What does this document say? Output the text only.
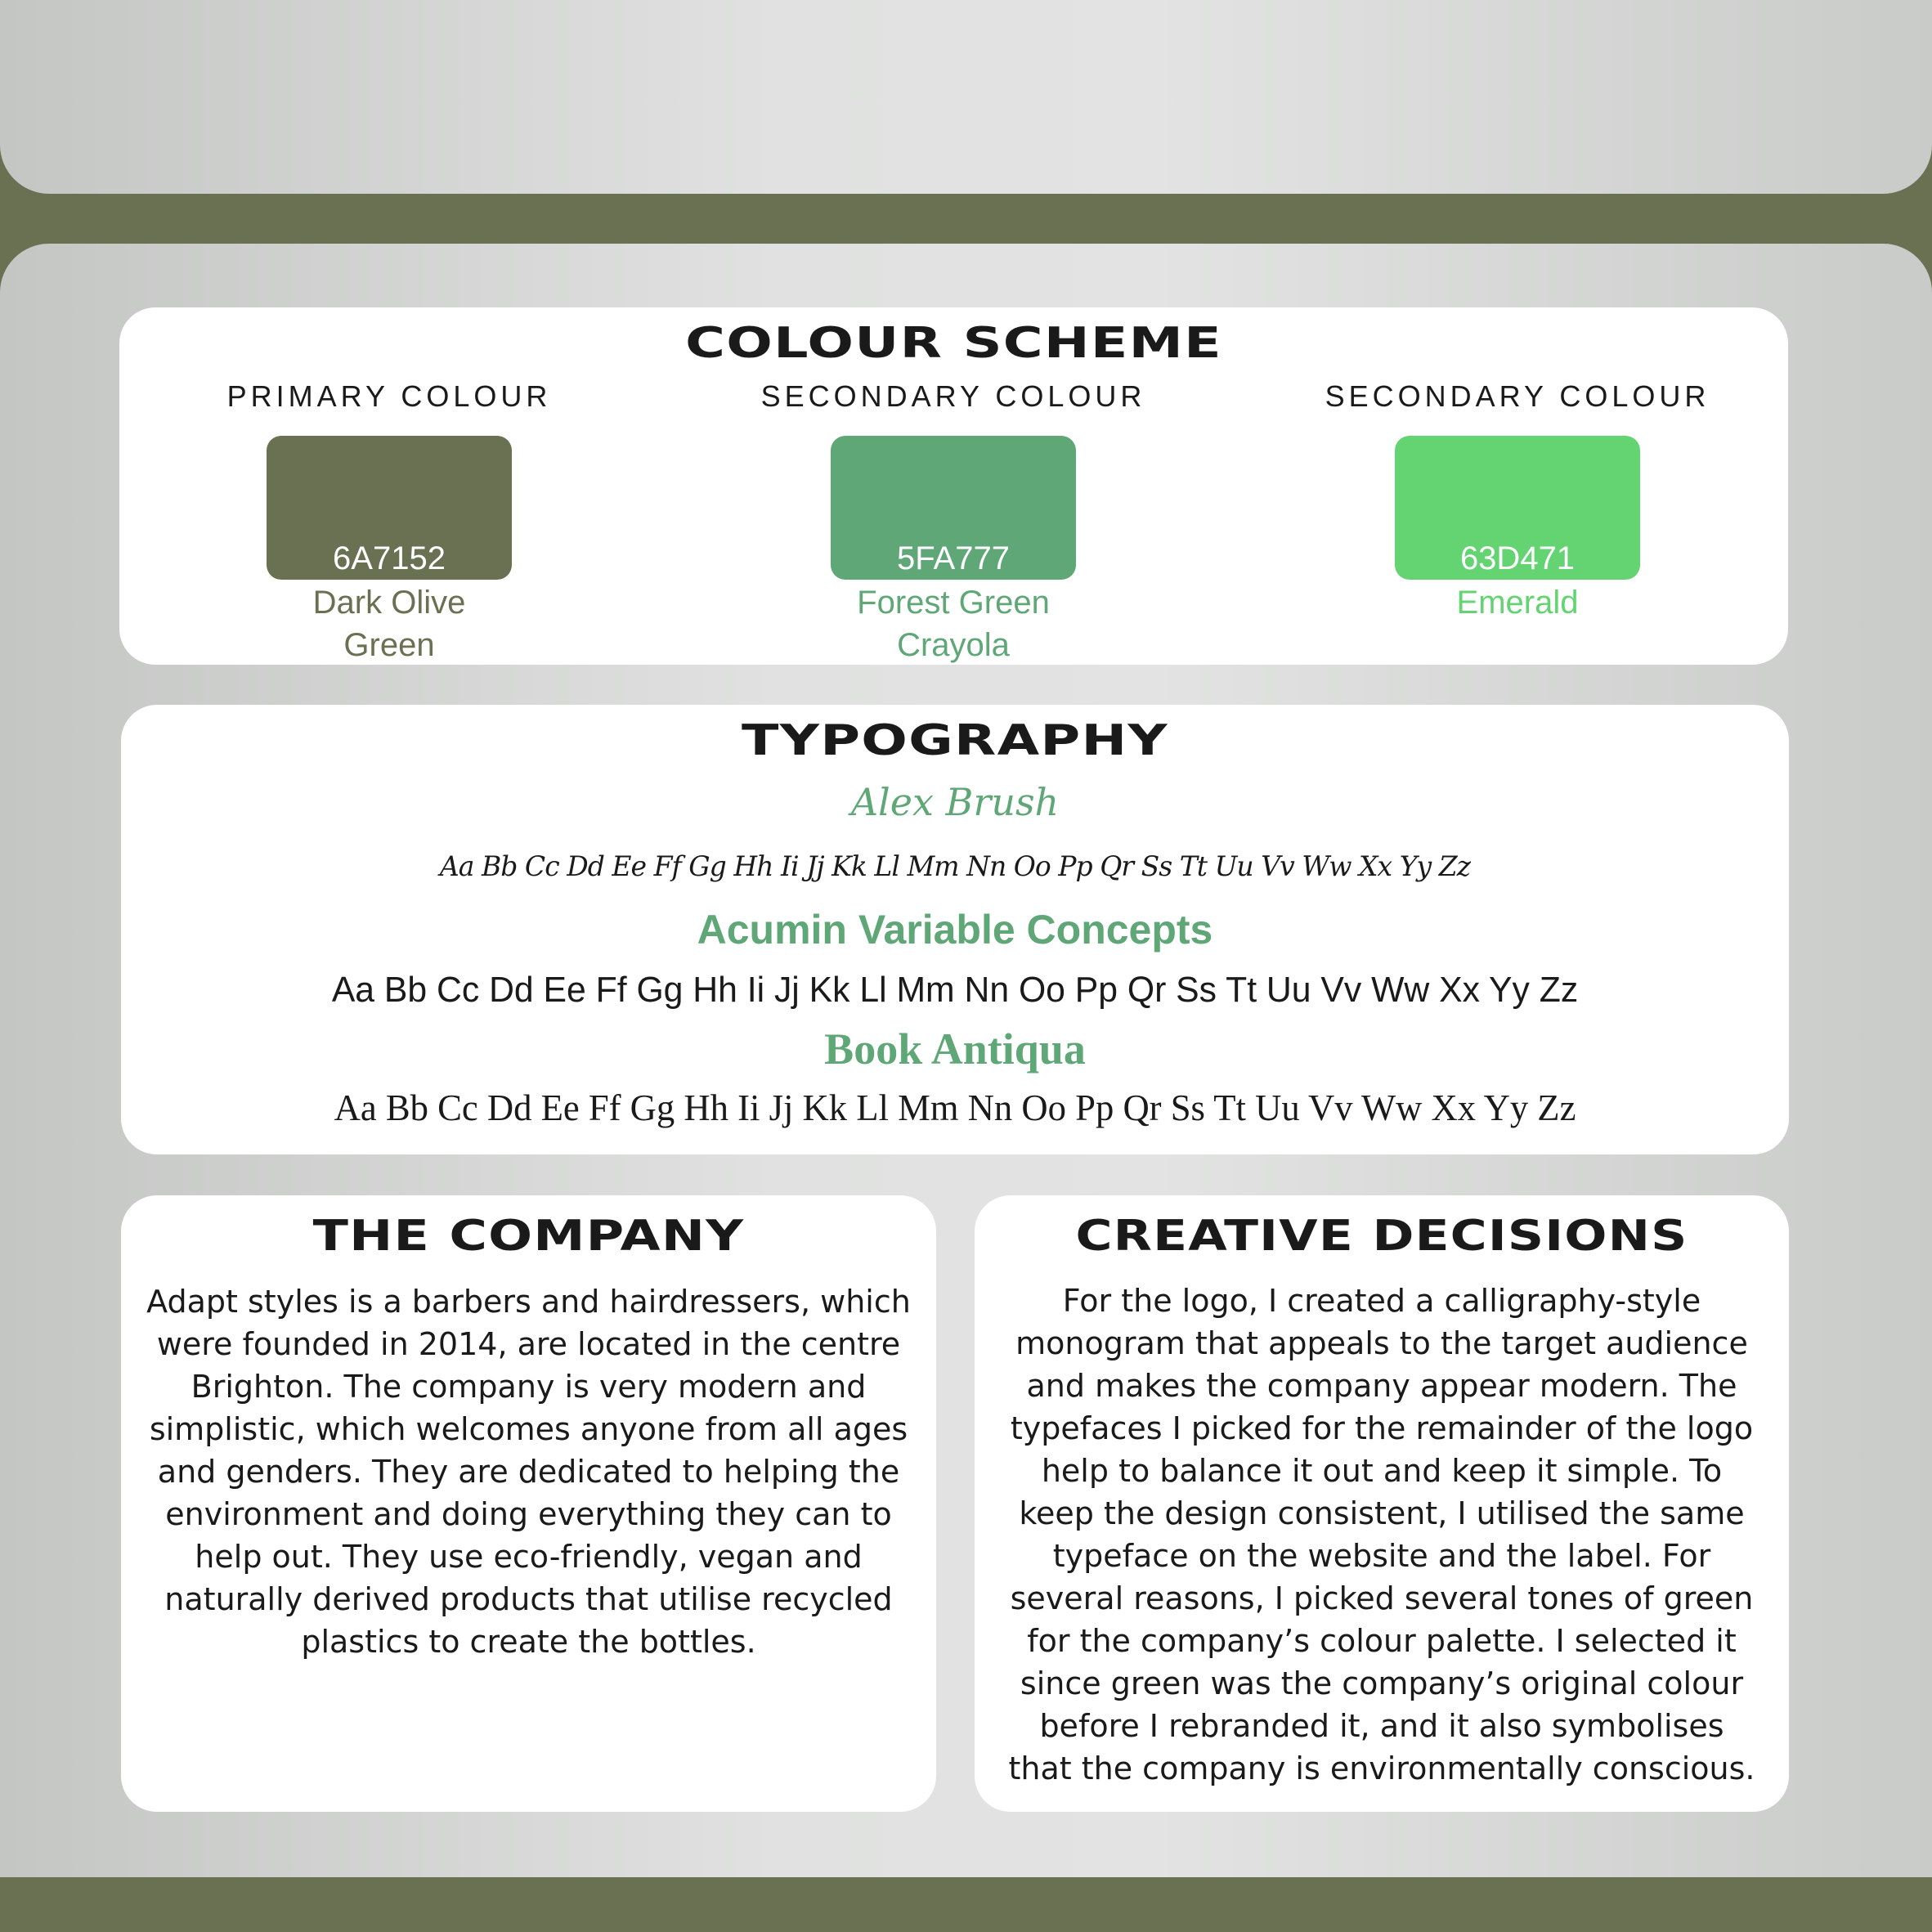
COLOUR SCHEME

PRIMARY COLOUR

6A7152
Dark Olive Green

SECONDARY COLOUR

5FA777
Forest Green Crayola

SECONDARY COLOUR

63D471
Emerald
TYPOGRAPHY

Alex Brush

Aa Bb Cc Dd Ee Ff Gg Hh Ii Jj Kk Ll Mm Nn Oo Pp Qr Ss Tt Uu Vv Ww Xx Yy Zz

Acumin Variable Concepts

Aa Bb Cc Dd Ee Ff Gg Hh Ii Jj Kk Ll Mm Nn Oo Pp Qr Ss Tt Uu Vv Ww Xx Yy Zz

Book Antiqua

Aa Bb Cc Dd Ee Ff Gg Hh Ii Jj Kk Ll Mm Nn Oo Pp Qr Ss Tt Uu Vv Ww Xx Yy Zz

THE COMPANY

Adapt styles is a barbers and hairdressers, which were founded in 2014, are located in the centre Brighton. The company is very modern and simplistic, which welcomes anyone from all ages and genders. They are dedicated to helping the environment and doing everything they can to help out. They use eco-friendly, vegan and naturally derived products that utilise recycled plastics to create the bottles.

CREATIVE DECISIONS

For the logo, I created a calligraphy-style monogram that appeals to the target audience and makes the company appear modern. The typefaces I picked for the remainder of the logo help to balance it out and keep it simple. To keep the design consistent, I utilised the same typeface on the website and the label. For several reasons, I picked several tones of green for the company’s colour palette. I selected it since green was the company’s original colour before I rebranded it, and it also symbolises that the company is environmentally conscious.
